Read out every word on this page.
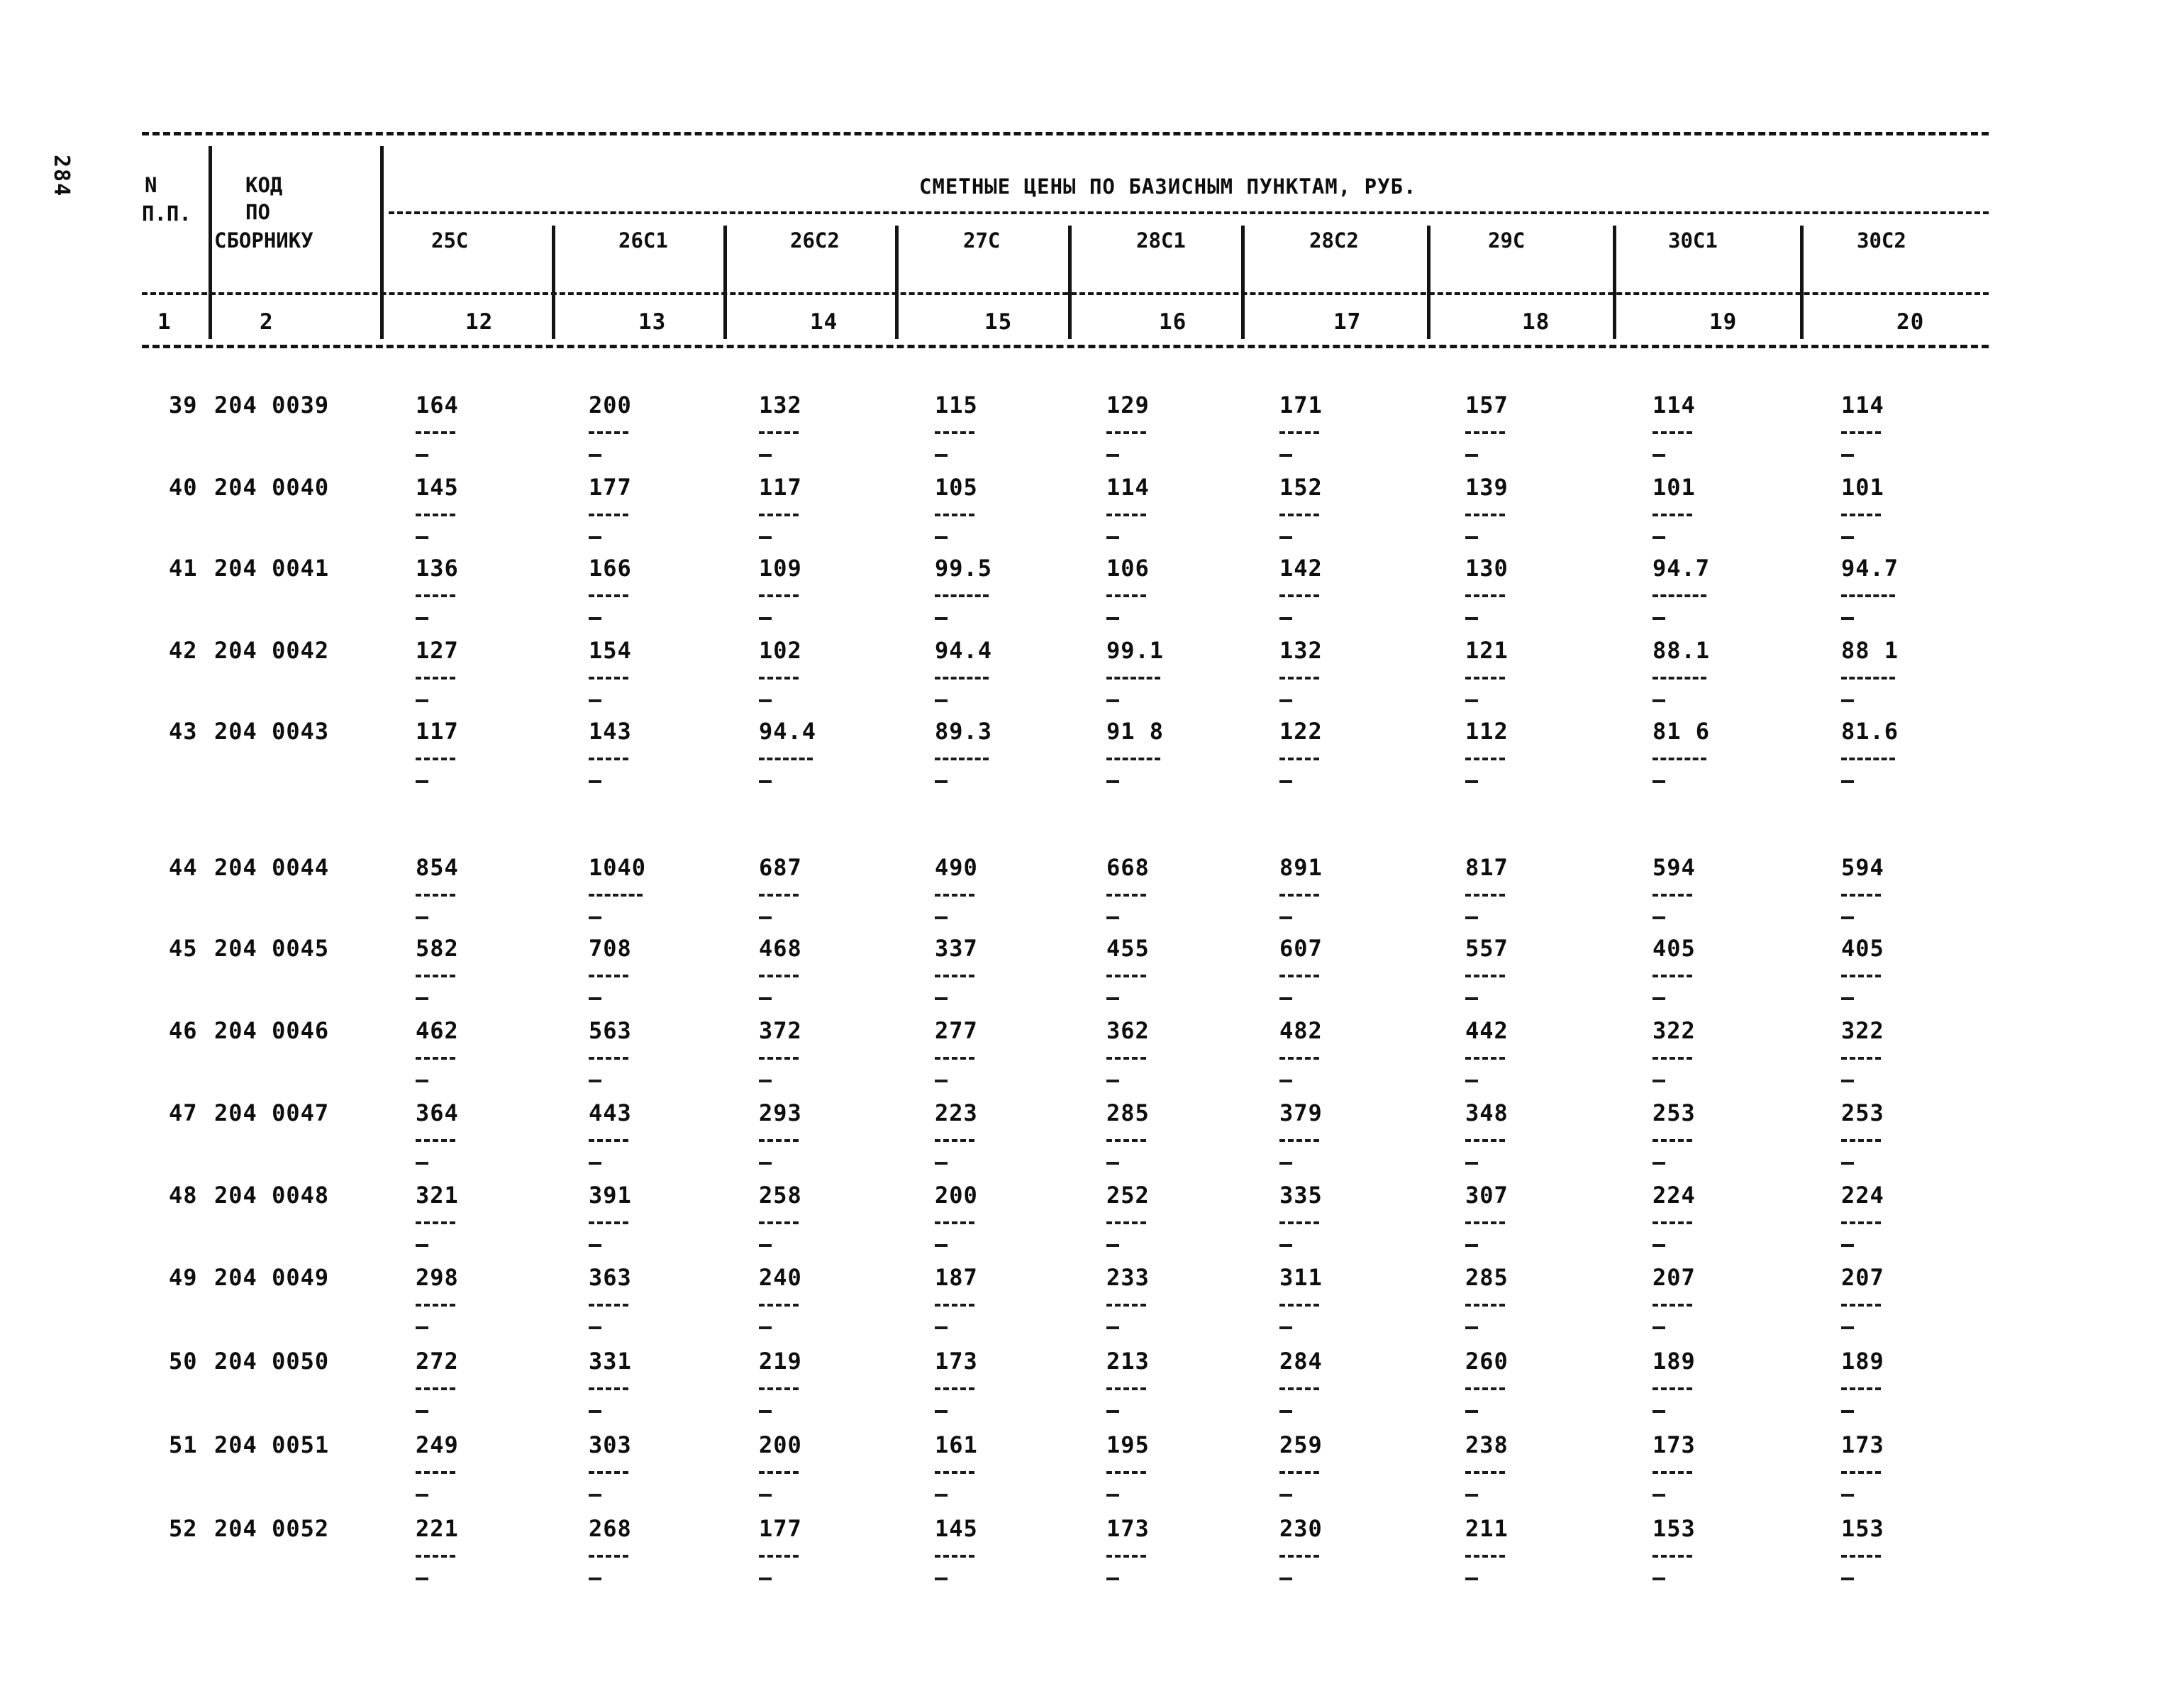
284	N
П.П.
КОД
ПО
СБОРНИКУ
СМЕТНЫЕ ЦЕНЫ ПО БАЗИСНЫМ ПУНКТАМ, РУБ.
25С	26С1	26С2	27С	28С1	28С2	29С	30С1	30С2
1	2	12	13	14	15	16	17	18	19	20
39 204 0039	164	200	132	115	129	171	157	114	114
40 204 0040	145	177	117	105	114	152	139	101	101
41 204 0041	136	166	109	99.5	106	142	130	94.7	94.7
42 204 0042	127	154	102	94.4	99.1	132	121	88.1	88 1
43 204 0043	117	143	94.4	89.3	91 8	122	112	81 6	81.6
44 204 0044	854	1040	687	490	668	891	817	594	594
45 204 0045	582	708	468	337	455	607	557	405	405
46 204 0046	462	563	372	277	362	482	442	322	322
47 204 0047	364	443	293	223	285	379	348	253	253
48 204 0048	321	391	258	200	252	335	307	224	224
49 204 0049	298	363	240	187	233	311	285	207	207
50 204 0050	272	331	219	173	213	284	260	189	189
51 204 0051	249	303	200	161	195	259	238	173	173
52 204 0052	221	268	177	145	173	230	211	153	153
